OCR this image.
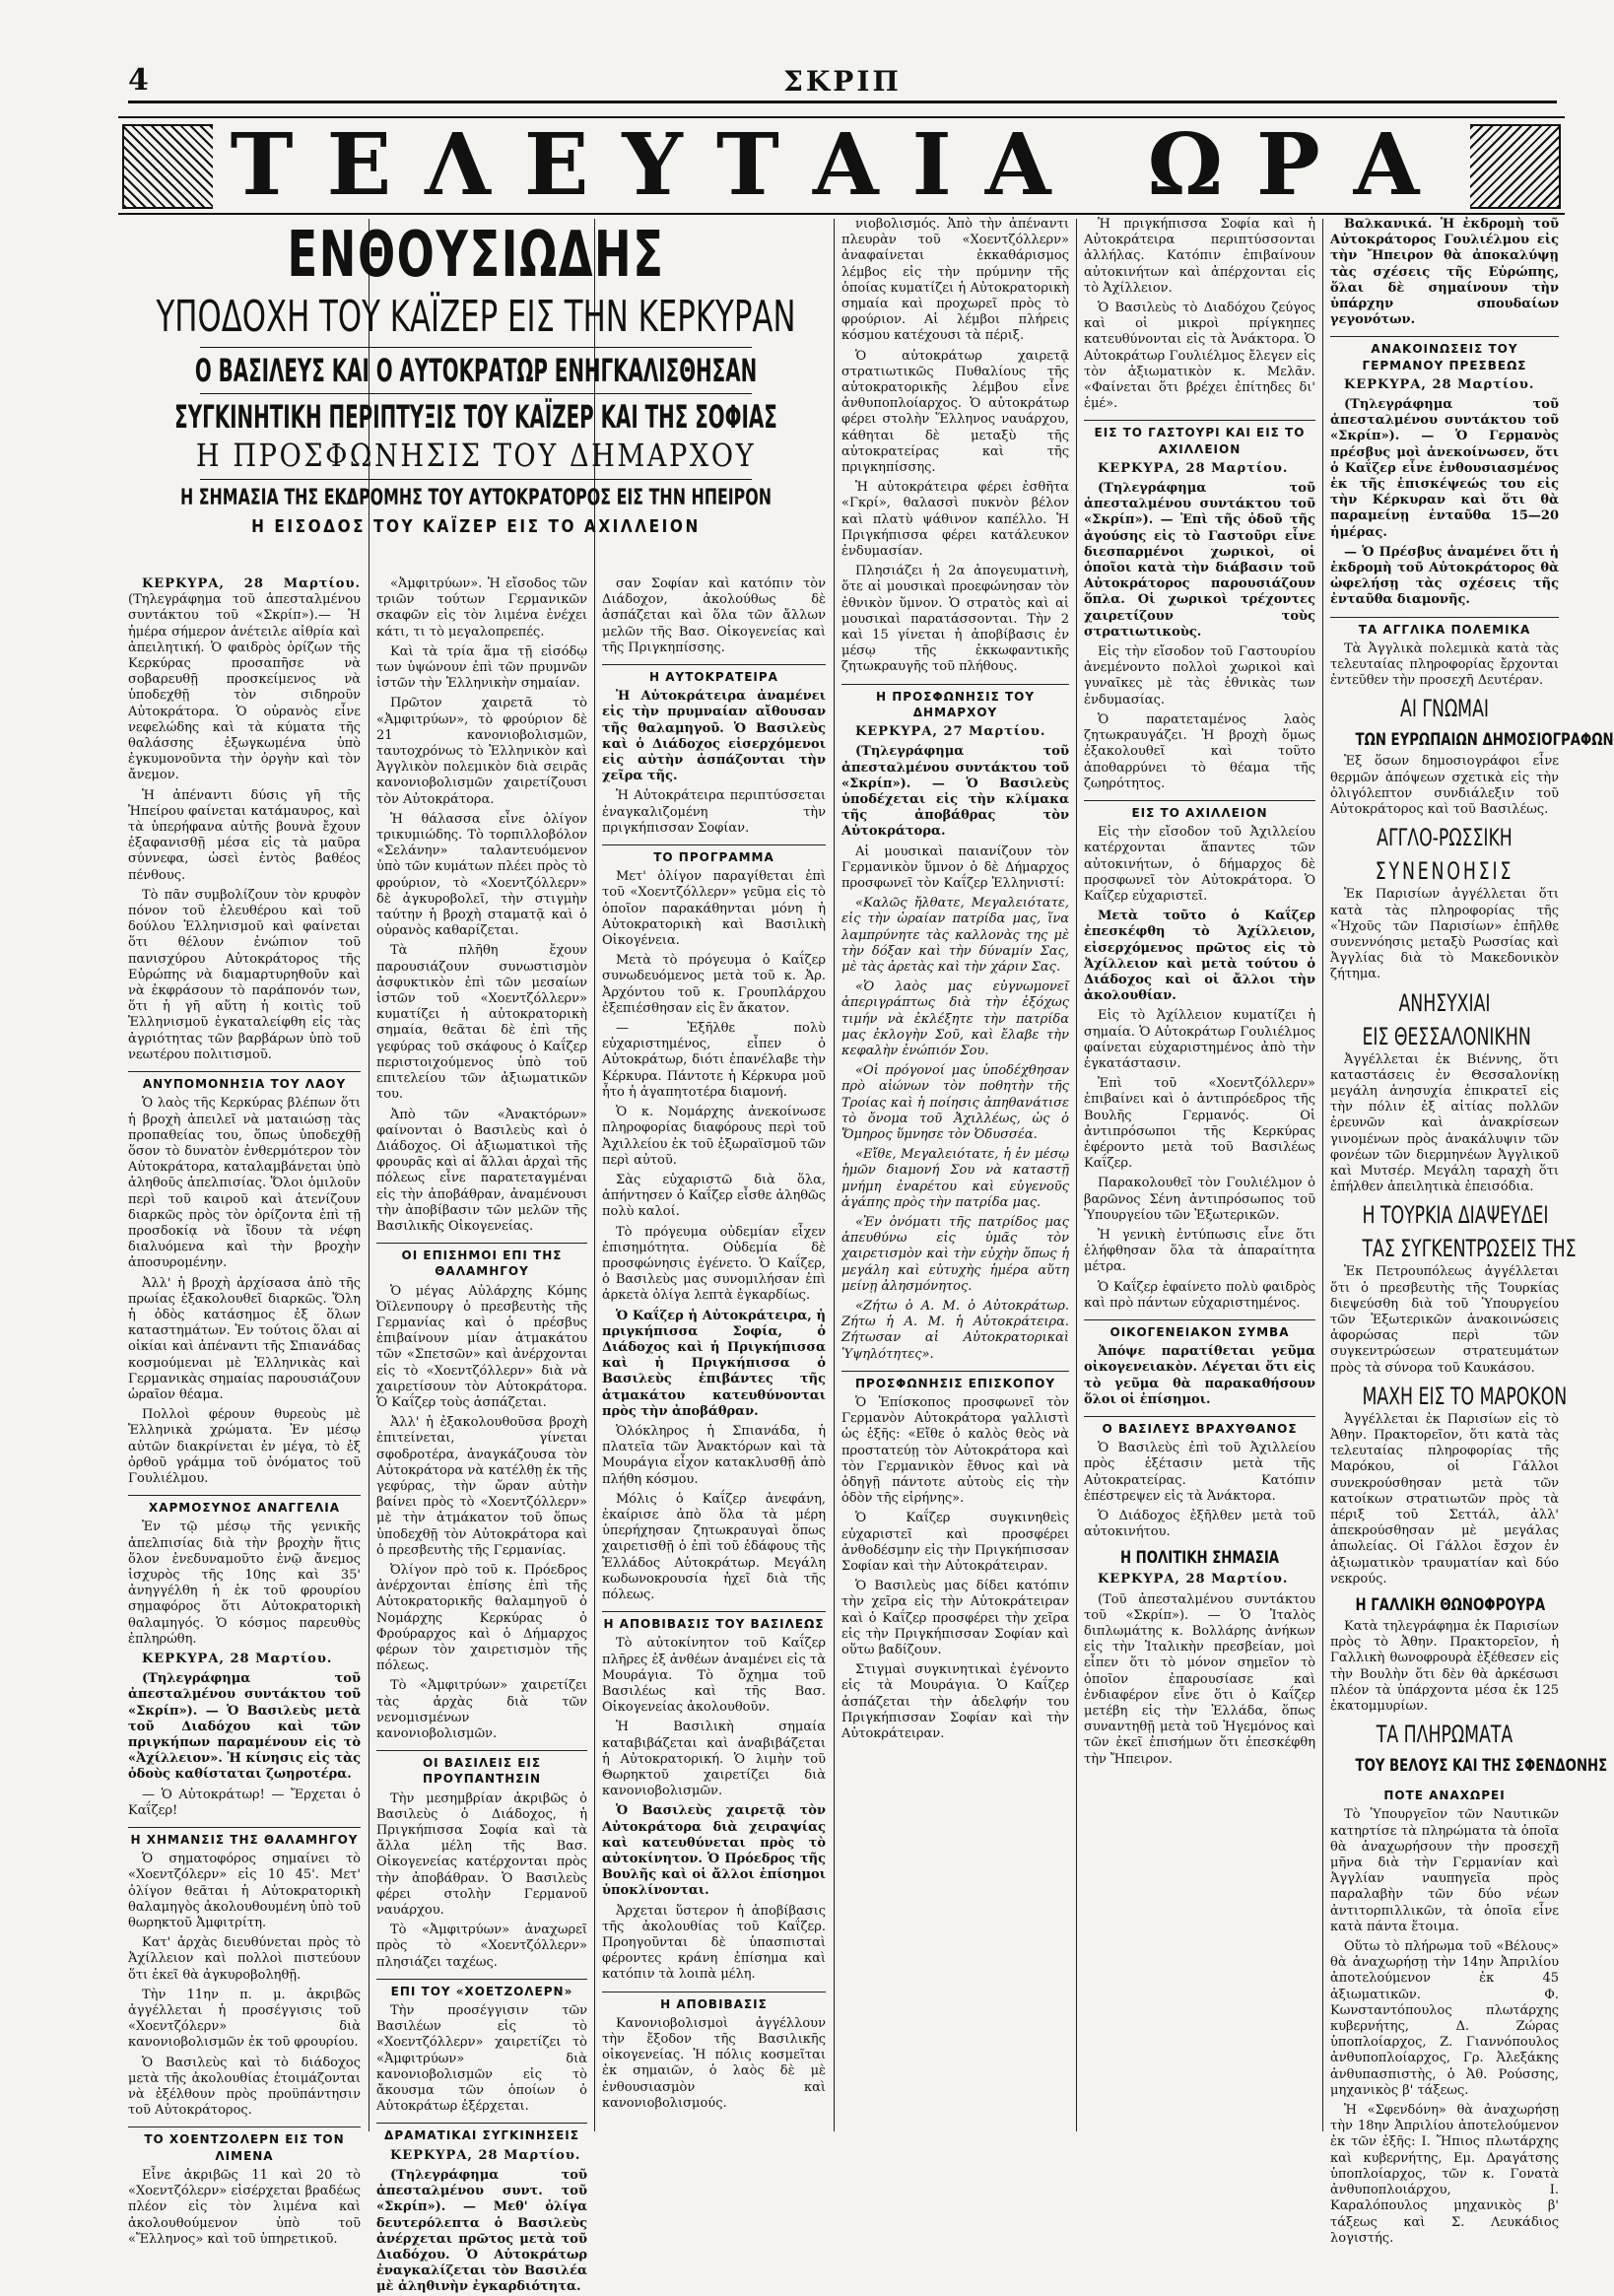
4	ΣΚΡΙΠ
ΤΕΛΕΥΤΑΙΑ ΩΡΑ
ΕΝΘΟΥΣΙΩΔΗΣ
ΥΠΟΔΟΧΗ ΤΟΥ ΚΑΪΖΕΡ ΕΙΣ ΤΗΝ ΚΕΡΚΥΡΑΝ
Ο ΒΑΣΙΛΕΥΣ ΚΑΙ Ο ΑΥΤΟΚΡΑΤΩΡ ΕΝΗΓΚΑΛΙΣΘΗΣΑΝ
ΣΥΓΚΙΝΗΤΙΚΗ ΠΕΡΙΠΤΥΞΙΣ ΤΟΥ ΚΑΪΖΕΡ ΚΑΙ ΤΗΣ ΣΟΦΙΑΣ
Η ΠΡΟΣΦΩΝΗΣΙΣ ΤΟΥ ΔΗΜΑΡΧΟΥ
Η ΣΗΜΑΣΙΑ ΤΗΣ ΕΚΔΡΟΜΗΣ ΤΟΥ ΑΥΤΟΚΡΑΤΟΡΟΣ ΕΙΣ ΤΗΝ ΗΠΕΙΡΟΝ
Η ΕΙΣΟΔΟΣ ΤΟΥ ΚΑΪΖΕΡ ΕΙΣ ΤΟ ΑΧΙΛΛΕΙΟΝ

ΚΕΡΚΥΡΑ, 28 Μαρτίου. (Τηλεγράφημα τοῦ ἀπεσταλμένου συντάκτου τοῦ «Σκρίπ»).— Ἡ ἡμέρα σήμερον ἀνέτειλε αἰθρία καὶ ἀπειλητική. Ὁ φαιδρὸς ὁρίζων τῆς Κερκύρας προσαπῆσε νὰ σοβαρευθῇ προσκείμενος νὰ ὑποδεχθῇ τὸν σιδηροῦν Αὐτοκράτορα. Ὁ οὐρανὸς εἶνε νεφελώδης καὶ τὰ κύματα τῆς θαλάσσης ἐξωγκωμένα ὑπὸ ἐγκυμονοῦντα τὴν ὀργὴν καὶ τὸν ἄνεμον.

Ἡ ἀπέναντι δύσις γῆ τῆς Ἠπείρου φαίνεται κατάμαυρος, καὶ τὰ ὑπερήφανα αὐτῆς βουνὰ ἔχουν ἐξαφανισθῇ μέσα εἰς τὰ μαῦρα σύννεφα, ὡσεὶ ἐντὸς βαθέος πένθους.

Τὸ πᾶν συμβολίζουν τὸν κρυφὸν πόνον τοῦ ἐλευθέρου καὶ τοῦ δούλου Ἑλληνισμοῦ καὶ φαίνεται ὅτι θέλουν ἐνώπιον τοῦ πανισχύρου Αὐτοκράτορος τῆς Εὐρώπης νὰ διαμαρτυρηθοῦν καὶ νὰ ἐκφράσουν τὸ παράπονόν των, ὅτι ἡ γῆ αὕτη ἡ κοιτὶς τοῦ Ἑλληνισμοῦ ἐγκαταλείφθη εἰς τὰς ἀγριότητας τῶν βαρβάρων ὑπὸ τοῦ νεωτέρου πολιτισμοῦ.

ΑΝΥΠΟΜΟΝΗΣΙΑ ΤΟΥ ΛΑΟΥ

Ὁ λαὸς τῆς Κερκύρας βλέπων ὅτι ἡ βροχὴ ἀπειλεῖ νὰ ματαιώσῃ τὰς προπαθείας του, ὅπως ὑποδεχθῇ ὅσον τὸ δυνατὸν ἐνθερμότερον τὸν Αὐτοκράτορα, καταλαμβάνεται ὑπὸ ἀληθοῦς ἀπελπισίας. Ὅλοι ὁμιλοῦν περὶ τοῦ καιροῦ καὶ ἀτενίζουν διαρκῶς πρὸς τὸν ὁρίζοντα ἐπὶ τῇ προσδοκίᾳ νὰ ἴδουν τὰ νέφη διαλυόμενα καὶ τὴν βροχὴν ἀποσυρομένην.

Ἀλλ' ἡ βροχὴ ἀρχίσασα ἀπὸ τῆς πρωίας ἐξακολουθεῖ διαρκῶς. Ὅλη ἡ ὁδὸς κατάσημος ἐξ ὅλων καταστημάτων. Ἐν τούτοις ὅλαι αἱ οἰκίαι καὶ ἀπέναντι τῆς Σπιανάδας κοσμούμεναι μὲ Ἑλληνικὰς καὶ Γερμανικὰς σημαίας παρουσιάζουν ὡραῖον θέαμα.

Πολλοὶ φέρουν θυρεοὺς μὲ Ἑλληνικὰ χρώματα. Ἐν μέσῳ αὐτῶν διακρίνεται ἐν μέγα, τὸ ἐξ ὀρθοῦ γράμμα τοῦ ὀνόματος τοῦ Γουλιέλμου.

ΧΑΡΜΟΣΥΝΟΣ ΑΝΑΓΓΕΛΙΑ

Ἐν τῷ μέσῳ τῆς γενικῆς ἀπελπισίας διὰ τὴν βροχὴν ἥτις ὅλον ἐνεδυναμοῦτο ἐνῷ ἄνεμος ἰσχυρὸς τῆς 10ης καὶ 35' ἀνηγγέλθη ἡ ἐκ τοῦ φρουρίου σημαφόρος ὅτι Αὐτοκρατορικὴ θαλαμηγός. Ὁ κόσμος παρευθὺς ἐπληρώθη.

ΚΕΡΚΥΡΑ, 28 Μαρτίου.

(Τηλεγράφημα τοῦ ἀπεσταλμένου συντάκτου τοῦ «Σκρίπ»). — Ὁ Βασιλεὺς μετὰ τοῦ Διαδόχου καὶ τῶν πριγκήπων παραμένουν εἰς τὸ «Ἀχίλλειον». Ἡ κίνησις εἰς τὰς ὁδοὺς καθίσταται ζωηροτέρα.

— Ὁ Αὐτοκράτωρ! — Ἔρχεται ὁ Καΐζερ!

Η ΧΗΜΑΝΣΙΣ ΤΗΣ ΘΑΛΑΜΗΓΟΥ

Ὁ σηματοφόρος σημαίνει τὸ «Χοεντζόλερν» εἰς 10 45'. Μετ' ὀλίγον θεᾶται ἡ Αὐτοκρατορικὴ θαλαμηγὸς ἀκολουθουμένη ὑπὸ τοῦ θωρηκτοῦ Ἀμφιτρίτη.

Κατ' ἀρχὰς διευθύνεται πρὸς τὸ Ἀχίλλειον καὶ πολλοὶ πιστεύουν ὅτι ἐκεῖ θὰ ἀγκυροβοληθῇ.

Τὴν 11ην π. μ. ἀκριβῶς ἀγγέλλεται ἡ προσέγγισις τοῦ «Χοεντζόλερν» διὰ κανονιοβολισμῶν ἐκ τοῦ φρουρίου.

Ὁ Βασιλεὺς καὶ τὸ διάδοχος μετὰ τῆς ἀκολουθίας ἐτοιμάζονται νὰ ἐξέλθουν πρὸς προϋπάντησιν τοῦ Αὐτοκράτορος.

ΤΟ ΧΟΕΝΤΖΟΛΕΡΝ ΕΙΣ ΤΟΝ ΛΙΜΕΝΑ

Εἶνε ἀκριβῶς 11 καὶ 20 τὸ «Χοεντζόλερν» εἰσέρχεται βραδέως πλέον εἰς τὸν λιμένα καὶ ἀκολουθούμενον ὑπὸ τοῦ «Ἔλληνος» καὶ τοῦ ὑπηρετικοῦ.

«Ἀμφιτρύων». Ἡ εἴσοδος τῶν τριῶν τούτων Γερμανικῶν σκαφῶν εἰς τὸν λιμένα ἐνέχει κάτι, τι τὸ μεγαλοπρεπές.

Καὶ τὰ τρία ἅμα τῇ εἰσόδῳ των ὑψώνουν ἐπὶ τῶν πρυμνῶν ἱστῶν τὴν Ἑλληνικὴν σημαίαν.

Πρῶτον χαιρετᾶ τὸ «Ἀμφιτρύων», τὸ φρούριον δὲ 21 κανονιοβολισμῶν, ταυτοχρόνως τὸ Ἑλληνικὸν καὶ Ἀγγλικὸν πολεμικὸν διὰ σειρᾶς κανονιοβολισμῶν χαιρετίζουσι τὸν Αὐτοκράτορα.

Ἡ θάλασσα εἶνε ὁλίγον τρικυμιώδης. Τὸ τορπιλλοβόλον «Σελάνην» ταλαντευόμενον ὑπὸ τῶν κυμάτων πλέει πρὸς τὸ φρούριον, τὸ «Χοεντζόλλερν» δὲ ἀγκυροβολεῖ, τὴν στιγμὴν ταύτην ἡ βροχὴ σταματᾷ καὶ ὁ οὐρανὸς καθαρίζεται.

Τὰ πλῆθη ἔχουν παρουσιάζουν συνωστισμὸν ἀσφυκτικὸν ἐπὶ τῶν μεσαίων ἱστῶν τοῦ «Χοεντζόλλερν» κυματίζει ἡ αὐτοκρατορικὴ σημαία, θεᾶται δὲ ἐπὶ τῆς γεφύρας τοῦ σκάφους ὁ Καΐζερ περιστοιχούμενος ὑπὸ τοῦ επιτελείου τῶν ἀξιωματικῶν του.

Ἀπὸ τῶν «Ἀνακτόρων» φαίνονται ὁ Βασιλεὺς καὶ ὁ Διάδοχος. Οἱ ἀξιωματικοὶ τῆς φρουρᾶς καὶ αἱ ἄλλαι ἀρχαὶ τῆς πόλεως εἶνε παρατεταγμέναι εἰς τὴν ἀποβάθραν, ἀναμένουσι τὴν ἀποβίβασιν τῶν μελῶν τῆς Βασιλικῆς Οἰκογενείας.

ΟΙ ΕΠΙΣΗΜΟΙ ΕΠΙ ΤΗΣ ΘΑΛΑΜΗΓΟΥ

Ὁ μέγας Αὐλάρχης Κόμης Ὀϊλενπουργ ὁ πρεσβευτὴς τῆς Γερμανίας καὶ ὁ πρέσβυς ἐπιβαίνουν μίαν ἀτμακάτου τῶν «Σπετσῶν» καὶ ἀνέρχονται εἰς τὸ «Χοεντζόλλερν» διὰ νὰ χαιρετίσουν τὸν Αὐτοκράτορα. Ὁ Καΐζερ τοὺς ἀσπάζεται.

Ἀλλ' ἡ ἐξακολουθοῦσα βροχὴ ἐπιτείνεται, γίνεται σφοδροτέρα, ἀναγκάζουσα τὸν Αὐτοκράτορα νὰ κατέλθῃ ἐκ τῆς γεφύρας, τὴν ὥραν αὐτὴν βαίνει πρὸς τὸ «Χοεντζόλλερν» μὲ τὴν ἀτμάκατον τοῦ ὅπως ὑποδεχθῇ τὸν Αὐτοκράτορα καὶ ὁ πρεσβευτὴς τῆς Γερμανίας.

Ὀλίγον πρὸ τοῦ κ. Πρόεδρος ἀνέρχονται ἐπίσης ἐπὶ τῆς Αὐτοκρατορικῆς θαλαμηγοῦ ὁ Νομάρχης Κερκύρας ὁ Φρούραρχος καὶ ὁ Δήμαρχος φέρων τὸν χαιρετισμὸν τῆς πόλεως.

Τὸ «Ἀμφιτρύων» χαιρετίζει τὰς ἀρχὰς διὰ τῶν νενομισμένων κανονιοβολισμῶν.

ΟΙ ΒΑΣΙΛΕΙΣ ΕΙΣ ΠΡΟΥΠΑΝΤΗΣΙΝ

Τὴν μεσημβρίαν ἀκριβῶς ὁ Βασιλεὺς ὁ Διάδοχος, ἡ Πριγκήπισσα Σοφία καὶ τὰ ἄλλα μέλη τῆς Βασ. Οἰκογενείας κατέρχονται πρὸς τὴν ἀποβάθραν. Ὁ Βασιλεὺς φέρει στολὴν Γερμανοῦ ναυάρχου.

Τὸ «Ἀμφιτρύων» ἀναχωρεῖ πρὸς τὸ «Χοεντζόλλερν» πλησιάζει ταχέως.

ΕΠΙ ΤΟΥ «ΧΟΕΤΖΟΛΕΡΝ»

Τὴν προσέγγισιν τῶν Βασιλέων εἰς τὸ «Χοεντζόλλερν» χαιρετίζει τὸ «Ἀμφιτρύων» διὰ κανονιοβολισμῶν εἰς τὸ ἄκουσμα τῶν ὁποίων ὁ Αὐτοκράτωρ ἐξέρχεται.

ΔΡΑΜΑΤΙΚΑΙ ΣΥΓΚΙΝΗΣΕΙΣ

ΚΕΡΚΥΡΑ, 28 Μαρτίου.

(Τηλεγράφημα τοῦ ἀπεσταλμένου συντ. τοῦ «Σκρίπ»). — Μεθ' ὀλίγα δευτερόλεπτα ὁ Βασιλεὺς ἀνέρχεται πρῶτος μετὰ τοῦ Διαδόχου. Ὁ Αὐτοκράτωρ ἐναγκαλίζεται τὸν Βασιλέα μὲ ἀληθινὴν ἐγκαρδιότητα.

σαν Σοφίαν καὶ κατόπιν τὸν Διάδοχον, ἀκολούθως δὲ ἀσπάζεται καὶ ὅλα τῶν ἄλλων μελῶν τῆς Βασ. Οἰκογενείας καὶ τῆς Πριγκηπίσσης.

Η ΑΥΤΟΚΡΑΤΕΙΡΑ

Ἡ Αὐτοκράτειρα ἀναμένει εἰς τὴν πρυμναίαν αἴθουσαν τῆς θαλαμηγοῦ. Ὁ Βασιλεὺς καὶ ὁ Διάδοχος εἰσερχόμενοι εἰς αὐτὴν ἀσπάζονται τὴν χεῖρα τῆς.

Ἡ Αὐτοκράτειρα περιπτύσσεται ἐναγκαλιζομένη τὴν πριγκήπισσαν Σοφίαν.

ΤΟ ΠΡΟΓΡΑΜΜΑ

Μετ' ὀλίγον παραγίθεται ἐπὶ τοῦ «Χοεντζόλλερν» γεῦμα εἰς τὸ ὁποῖον παρακάθηνται μόνη ἡ Αὐτοκρατορικὴ καὶ Βασιλικὴ Οἰκογένεια.

Μετὰ τὸ πρόγευμα ὁ Καΐζερ συνωδευόμενος μετὰ τοῦ κ. Ἀρ. Ἀρχόντου τοῦ κ. Γρουπλάρχου ἐξεπιέσθησαν εἰς ἓν ἄκατον.

— Ἐξῆλθε πολὺ εὐχαριστημένος, εἶπεν ὁ Αὐτοκράτωρ, διότι ἐπανέλαβε τὴν Κέρκυρα. Πάντοτε ἡ Κέρκυρα μοῦ ἦτο ἡ ἀγαπητοτέρα διαμονή.

Ὁ κ. Νομάρχης ἀνεκοίνωσε πληροφορίας διαφόρους περὶ τοῦ Ἀχιλλείου ἐκ τοῦ ἐξωραϊσμοῦ τῶν περὶ αὐτοῦ.

Σὰς εὐχαριστῶ διὰ ὅλα, ἀπήντησεν ὁ Καΐζερ εἶσθε ἀληθῶς πολὺ καλοί.

Τὸ πρόγευμα οὐδεμίαν εἶχεν ἐπισημότητα. Οὐδεμία δὲ προσφώνησις ἐγένετο. Ὁ Καΐζερ, ὁ Βασιλεὺς μας συνομιλήσαν ἐπὶ ἀρκετὰ ὀλίγα λεπτὰ ἐγκαρδίως.

Ὁ Καΐζερ ἡ Αὐτοκράτειρα, ἡ πριγκήπισσα Σοφία, ὁ Διάδοχος καὶ ἡ Πριγκήπισσα καὶ ἡ Πριγκήπισσα ὁ Βασιλεὺς ἐπιβάντες τῆς ἀτμακάτου κατευθύνονται πρὸς τὴν ἀποβάθραν.

Ὁλόκληρος ἡ Σπιανάδα, ἡ πλατεῖα τῶν Ἀνακτόρων καὶ τὰ Μουράγια εἶχον κατακλυσθῇ ἀπὸ πλήθη κόσμου.

Μόλις ὁ Καΐζερ ἀνεφάνη, ἐκαίρισε ἀπὸ ὅλα τὰ μέρη ὑπερήχησαν ζητωκραυγαὶ ὅπως χαιρετισθῇ ὁ ἐπὶ τοῦ ἐδάφους τῆς Ἑλλάδος Αὐτοκράτωρ. Μεγάλη κωδωνοκρουσία ἠχεῖ διὰ τῆς πόλεως.

Η ΑΠΟΒΙΒΑΣΙΣ ΤΟΥ ΒΑΣΙΛΕΩΣ

Τὸ αὐτοκίνητον τοῦ Καΐζερ πλῆρες ἐξ ἀνθέων ἀναμένει εἰς τὰ Μουράγια. Τὸ ὄχημα τοῦ Βασιλέως καὶ τῆς Βασ. Οἰκογενείας ἀκολουθοῦν.

Ἡ Βασιλικὴ σημαία καταβιβάζεται καὶ ἀναβιβάζεται ἡ Αὐτοκρατορική. Ὁ λιμὴν τοῦ Θωρηκτοῦ χαιρετίζει διὰ κανονιοβολισμῶν.

Ὁ Βασιλεὺς χαιρετᾷ τὸν Αὐτοκράτορα διὰ χειραψίας καὶ κατευθύνεται πρὸς τὸ αὐτοκίνητον. Ὁ Πρόεδρος τῆς Βουλῆς καὶ οἱ ἄλλοι ἐπίσημοι ὑποκλίνονται.

Ἀρχεται ὕστερον ἡ ἀποβίβασις τῆς ἀκολουθίας τοῦ Καΐζερ. Προηγοῦνται δὲ ὑπασπισταὶ φέροντες κράνη ἐπίσημα καὶ κατόπιν τὰ λοιπὰ μέλη.

Η ΑΠΟΒΙΒΑΣΙΣ

Κανονιοβολισμοὶ ἀγγέλλουν τὴν ἔξοδον τῆς Βασιλικῆς οἰκογενείας. Ἡ πόλις κοσμεῖται ἐκ σημαιῶν, ὁ λαὸς δὲ μὲ ἐνθουσιασμὸν καὶ κανονιοβολισμούς.

νιοβολισμός. Ἀπὸ τὴν ἀπέναντι πλευρὰν τοῦ «Χοεντζόλλερν» ἀναφαίνεται ἐκκαθάρισμος λέμβος εἰς τὴν πρύμνην τῆς ὁποίας κυματίζει ἡ Αὐτοκρατορικὴ σημαία καὶ προχωρεῖ πρὸς τὸ φρούριον. Αἱ λέμβοι πλήρεις κόσμου κατέχουσι τὰ πέριξ.

Ὁ αὐτοκράτωρ χαιρετᾷ στρατιωτικῶς Πυθαλίους τῆς αὐτοκρατορικῆς λέμβου εἶνε ἀνθυποπλοίαρχος. Ὁ αὐτοκράτωρ φέρει στολὴν Ἕλληνος ναυάρχου, κάθηται δὲ μεταξὺ τῆς αὐτοκρατείρας καὶ τῆς πριγκηπίσσης.

Ἡ αὐτοκράτειρα φέρει ἐσθῆτα «Γκρί», θαλασσὶ πυκνὸν βέλον καὶ πλατὺ ψάθινον καπέλλο. Ἡ Πριγκήπισσα φέρει κατάλευκον ἐνδυμασίαν.

Πλησιάζει ἡ 2α ἀπογευματινὴ, ὅτε αἱ μουσικαὶ προεφώνησαν τὸν ἐθνικὸν ὕμνον. Ὁ στρατὸς καὶ αἱ μουσικαὶ παρατάσσονται. Τὴν 2 καὶ 15 γίνεται ἡ ἀποβίβασις ἐν μέσῳ τῆς ἐκκωφαντικῆς ζητωκραυγῆς τοῦ πλήθους.

Η ΠΡΟΣΦΩΝΗΣΙΣ ΤΟΥ ΔΗΜΑΡΧΟΥ

ΚΕΡΚΥΡΑ, 27 Μαρτίου.

(Τηλεγράφημα τοῦ ἀπεσταλμένου συντάκτου τοῦ «Σκρίπ»). — Ὁ Βασιλεὺς ὑποδέχεται εἰς τὴν κλίμακα τῆς ἀποβάθρας τὸν Αὐτοκράτορα.

Αἱ μουσικαὶ παιανίζουν τὸν Γερμανικὸν ὕμνον ὁ δὲ Δήμαρχος προσφωνεῖ τὸν Καΐζερ Ἑλληνιστί:

«Καλῶς ἤλθατε, Μεγαλειότατε, εἰς τὴν ὡραίαν πατρίδα μας, ἵνα λαμπρύνητε τὰς καλλονὰς της μὲ τὴν δόξαν καὶ τὴν δύναμίν Σας, μὲ τὰς ἀρετὰς καὶ τὴν χάριν Σας.

«Ὁ λαὸς μας εὐγνωμονεῖ ἀπεριγράπτως διὰ τὴν ἐξόχως τιμήν νὰ ἐκλέξητε τὴν πατρίδα μας ἐκλογὴν Σοῦ, καὶ ἔλαβε τὴν κεφαλὴν ἐνώπιόν Σου.

«Οἱ πρόγονοί μας ὑποδέχθησαν πρὸ αἰώνων τὸν ποθητὴν τῆς Τροίας καὶ ἡ ποίησις ἀπηθανάτισε τὸ ὄνομα τοῦ Ἀχιλλέως, ὡς ὁ Ὅμηρος ὕμνησε τὸν Ὀδυσσέα.

«Εἴθε, Μεγαλειότατε, ἡ ἐν μέσῳ ἡμῶν διαμονή Σου νὰ καταστῇ μνήμη ἐναρέτου καὶ εὐγενοῦς ἀγάπης πρὸς τὴν πατρίδα μας.

«Ἐν ὀνόματι τῆς πατρίδος μας ἀπευθύνω εἰς ὑμᾶς τὸν χαιρετισμὸν καὶ τὴν εὐχὴν ὅπως ἡ μεγάλη καὶ εὐτυχὴς ἡμέρα αὕτη μείνῃ ἀλησμόνητος.

«Ζήτω ὁ Α. Μ. ὁ Αὐτοκράτωρ. Ζήτω ἡ Α. Μ. ἡ Αὐτοκράτειρα. Ζήτωσαν αἱ Αὐτοκρατορικαὶ Ὑψηλότητες».

ΠΡΟΣΦΩΝΗΣΙΣ ΕΠΙΣΚΟΠΟΥ

Ὁ Ἐπίσκοπος προσφωνεῖ τὸν Γερμανὸν Αὐτοκράτορα γαλλιστὶ ὡς ἑξῆς: «Εἴθε ὁ καλὸς θεὸς νὰ προστατεύῃ τὸν Αὐτοκράτορα καὶ τὸν Γερμανικὸν ἔθνος καὶ νὰ ὁδηγῇ πάντοτε αὐτοὺς εἰς τὴν ὁδὸν τῆς εἰρήνης».

Ὁ Καΐζερ συγκινηθεὶς εὐχαριστεῖ καὶ προσφέρει ἀνθοδέσμην εἰς τὴν Πριγκήπισσαν Σοφίαν καὶ τὴν Αὐτοκράτειραν.

Ὁ Βασιλεὺς μας δίδει κατόπιν τὴν χεῖρα εἰς τὴν Αὐτοκράτειραν καὶ ὁ Καΐζερ προσφέρει τὴν χεῖρα εἰς τὴν Πριγκήπισσαν Σοφίαν καὶ οὕτω βαδίζουν.

Στιγμαὶ συγκινητικαὶ ἐγένοντο εἰς τὰ Μουράγια. Ὁ Καΐζερ ἀσπάζεται τὴν ἀδελφήν του Πριγκήπισσαν Σοφίαν καὶ τὴν Αὐτοκράτειραν.

Ἡ πριγκήπισσα Σοφία καὶ ἡ Αὐτοκράτειρα περιπτύσσονται ἀλλήλας. Κατόπιν ἐπιβαίνουν αὐτοκινήτων καὶ ἀπέρχονται εἰς τὸ Ἀχίλλειον.

Ὁ Βασιλεὺς τὸ Διαδόχου ζεύγος καὶ οἱ μικροὶ πρίγκηπες κατευθύνονται εἰς τὰ Ἀνάκτορα. Ὁ Αὐτοκράτωρ Γουλιέλμος ἔλεγεν εἰς τὸν ἀξιωματικὸν κ. Μελᾶν. «Φαίνεται ὅτι βρέχει ἐπίτηδες δι' ἐμέ».

ΕΙΣ ΤΟ ΓΑΣΤΟΥΡΙ ΚΑΙ ΕΙΣ ΤΟ ΑΧΙΛΛΕΙΟΝ

ΚΕΡΚΥΡΑ, 28 Μαρτίου.

(Τηλεγράφημα τοῦ ἀπεσταλμένου συντάκτου τοῦ «Σκρίπ»). — Ἐπὶ τῆς ὁδοῦ τῆς ἀγούσης εἰς τὸ Γαστοῦρι εἶνε διεσπαρμένοι χωρικοὶ, οἱ ὁποῖοι κατὰ τὴν διάβασιν τοῦ Αὐτοκράτορος παρουσιάζουν ὅπλα. Οἱ χωρικοὶ τρέχοντες χαιρετίζουν τοὺς στρατιωτικοὺς.

Εἰς τὴν εἴσοδον τοῦ Γαστουρίου ἀνεμένοντο πολλοὶ χωρικοὶ καὶ γυναῖκες μὲ τὰς ἐθνικὰς των ἐνδυμασίας.

Ὁ παρατεταμένος λαὸς ζητωκραυγάζει. Ἡ βροχὴ ὅμως ἐξακολουθεῖ καὶ τοῦτο ἀποθαρρύνει τὸ θέαμα τῆς ζωηρότητος.

ΕΙΣ ΤΟ ΑΧΙΛΛΕΙΟΝ

Εἰς τὴν εἴσοδον τοῦ Ἀχιλλείου κατέρχονται ἅπαντες τῶν αὐτοκινήτων, ὁ δήμαρχος δὲ προσφωνεῖ τὸν Αὐτοκράτορα. Ὁ Καΐζερ εὐχαριστεῖ.

Μετὰ τοῦτο ὁ Καΐζερ ἐπεσκέφθη τὸ Ἀχίλλειον, εἰσερχόμενος πρῶτος εἰς τὸ Ἀχίλλειον καὶ μετὰ τούτου ὁ Διάδοχος καὶ οἱ ἄλλοι τὴν ἀκολουθίαν.

Εἰς τὸ Ἀχίλλειον κυματίζει ἡ σημαία. Ὁ Αὐτοκράτωρ Γουλιέλμος φαίνεται εὐχαριστημένος ἀπὸ τὴν ἐγκατάστασιν.

Ἐπὶ τοῦ «Χοεντζόλλερν» ἐπιβαίνει καὶ ὁ ἀντιπρόεδρος τῆς Βουλῆς Γερμανός. Οἱ ἀντιπρόσωποι τῆς Κερκύρας ἐφέροντο μετὰ τοῦ Βασιλέως Καΐζερ.

Παρακολουθεῖ τὸν Γουλιέλμον ὁ βαρῶνος Σένη ἀντιπρόσωπος τοῦ Ὑπουργείου τῶν Ἐξωτερικῶν.

Ἡ γενικὴ ἐντύπωσις εἶνε ὅτι ἐλήφθησαν ὅλα τὰ ἀπαραίτητα μέτρα.

Ὁ Καΐζερ ἐφαίνετο πολὺ φαιδρὸς καὶ πρὸ πάντων εὐχαριστημένος.

ΟΙΚΟΓΕΝΕΙΑΚΟΝ ΣΥΜΒΑ

Ἀπόψε παρατίθεται γεῦμα οἰκογενειακὸν. Λέγεται ὅτι εἰς τὸ γεῦμα θὰ παρακαθήσουν ὅλοι οἱ ἐπίσημοι.

Ο ΒΑΣΙΛΕΥΣ ΒΡΑΧΥΘΑΝΟΣ

Ὁ Βασιλεὺς ἐπὶ τοῦ Ἀχιλλείου πρὸς ἐξέτασιν μετὰ τῆς Αὐτοκρατείρας. Κατόπιν ἐπέστρεψεν εἰς τὰ Ἀνάκτορα.

Ὁ Διάδοχος ἐξῆλθεν μετὰ τοῦ αὐτοκινήτου.

Η ΠΟΛΙΤΙΚΗ ΣΗΜΑΣΙΑ

ΚΕΡΚΥΡΑ, 28 Μαρτίου.

(Τοῦ ἀπεσταλμένου συντάκτου τοῦ «Σκρίπ»). — Ὁ Ἰταλὸς διπλωμάτης κ. Βολλάρης ἀνήκων εἰς τὴν Ἰταλικὴν πρεσβείαν, μοὶ εἶπεν ὅτι τὸ μόνον σημεῖον τὸ ὁποῖον ἐπαρουσίασε καὶ ἐνδιαφέρον εἶνε ὅτι ὁ Καΐζερ μετέβη εἰς τὴν Ἑλλάδα, ὅπως συναντηθῇ μετὰ τοῦ Ἡγεμόνος καὶ τῶν ἐκεῖ ἐπισήμων ὅτι ἐπεσκέφθη τὴν Ἤπειρον.

Βαλκανικά. Ἡ ἐκδρομὴ τοῦ Αὐτοκράτορος Γουλιέλμου εἰς τὴν Ἤπειρον θὰ ἀποκαλύψῃ τὰς σχέσεις τῆς Εὐρώπης, ὅλαι δὲ σημαίνουν τὴν ὑπάρχην σπουδαίων γεγονότων.

ΑΝΑΚΟΙΝΩΣΕΙΣ ΤΟΥ ΓΕΡΜΑΝΟΥ ΠΡΕΣΒΕΩΣ

ΚΕΡΚΥΡΑ, 28 Μαρτίου.

(Τηλεγράφημα τοῦ ἀπεσταλμένου συντάκτου τοῦ «Σκρίπ»). — Ὁ Γερμανὸς πρέσβυς μοὶ ἀνεκοίνωσεν, ὅτι ὁ Καΐζερ εἶνε ἐνθουσιασμένος ἐκ τῆς ἐπισκέψεώς του εἰς τὴν Κέρκυραν καὶ ὅτι θὰ παραμείνῃ ἐνταῦθα 15—20 ἡμέρας.

— Ὁ Πρέσβυς ἀναμένει ὅτι ἡ ἐκδρομὴ τοῦ Αὐτοκράτορος θὰ ὠφελήσῃ τὰς σχέσεις τῆς ἐνταῦθα διαμονῆς.

ΤΑ ΑΓΓΛΙΚΑ ΠΟΛΕΜΙΚΑ

Τὰ Ἀγγλικὰ πολεμικὰ κατὰ τὰς τελευταίας πληροφορίας ἔρχονται ἐντεῦθεν τὴν προσεχῆ Δευτέραν.

ΑΙ ΓΝΩΜΑΙ
ΤΩΝ ΕΥΡΩΠΑΙΩΝ ΔΗΜΟΣΙΟΓΡΑΦΩΝ

Ἐξ ὅσων δημοσιογράφοι εἶνε θερμῶν ἀπόψεων σχετικὰ εἰς τὴν ὀλιγόλεπτον συνδιάλεξιν τοῦ Αὐτοκράτορος καὶ τοῦ Βασιλέως.

ΑΓΓΛΟ-ΡΩΣΣΙΚΗ
ΣΥΝΕΝΟΗΣΙΣ

Ἐκ Παρισίων ἀγγέλλεται ὅτι κατὰ τὰς πληροφορίας τῆς «Ἠχοῦς τῶν Παρισίων» ἐπῆλθε συνεννόησις μεταξὺ Ρωσσίας καὶ Ἀγγλίας διὰ τὸ Μακεδονικὸν ζήτημα.

ΑΝΗΣΥΧΙΑΙ
ΕΙΣ ΘΕΣΣΑΛΟΝΙΚΗΝ

Ἀγγέλλεται ἐκ Βιέννης, ὅτι καταστάσεις ἐν Θεσσαλονίκῃ μεγάλη ἀνησυχία ἐπικρατεῖ εἰς τὴν πόλιν ἐξ αἰτίας πολλῶν ἐρευνῶν καὶ ἀνακρίσεων γινομένων πρὸς ἀνακάλυψιν τῶν φονέων τῶν διερμηνέων Ἀγγλικοῦ καὶ Μυτσέρ. Μεγάλη ταραχὴ ὅτι ἐπήλθεν ἀπειλητικὰ ἐπεισόδια.

Η ΤΟΥΡΚΙΑ ΔΙΑΨΕΥΔΕΙ
ΤΑΣ ΣΥΓΚΕΝΤΡΩΣΕΙΣ ΤΗΣ

Ἐκ Πετρουπόλεως ἀγγέλλεται ὅτι ὁ πρεσβευτὴς τῆς Τουρκίας διεψεύσθη διὰ τοῦ Ὑπουργείου τῶν Ἐξωτερικῶν ἀνακοινώσεις ἀφορώσας περὶ τῶν συγκεντρώσεων στρατευμάτων πρὸς τὰ σύνορα τοῦ Καυκάσου.

ΜΑΧΗ ΕΙΣ ΤΟ ΜΑΡΟΚΟΝ

Ἀγγέλλεται ἐκ Παρισίων εἰς τὸ Ἀθην. Πρακτορεῖον, ὅτι κατὰ τὰς τελευταίας πληροφορίας τῆς Μαρόκου, οἱ Γάλλοι συνεκρούσθησαν μετὰ τῶν κατοίκων στρατιωτῶν πρὸς τὰ πέριξ τοῦ Σεττάλ, ἀλλ' ἀπεκρούσθησαν μὲ μεγάλας ἀπωλείας. Οἱ Γάλλοι ἔσχον ἐν ἀξιωματικὸν τραυματίαν καὶ δύο νεκρούς.

Η ΓΑΛΛΙΚΗ ΘΩΝΟΦΡΟΥΡΑ

Κατὰ τηλεγράφημα ἐκ Παρισίων πρὸς τὸ Ἀθην. Πρακτορεῖον, ἡ Γαλλικὴ θωνοφρουρὰ ἐξέθεσεν εἰς τὴν Βουλὴν ὅτι δὲν θὰ ἀρκέσωσι πλέον τὰ ὑπάρχοντα μέσα ἐκ 125 ἑκατομμυρίων.

ΤΑ ΠΛΗΡΩΜΑΤΑ
ΤΟΥ ΒΕΛΟΥΣ ΚΑΙ ΤΗΣ ΣΦΕΝΔΟΝΗΣ
ΠΟΤΕ ΑΝΑΧΩΡΕΙ

Τὸ Ὑπουργεῖον τῶν Ναυτικῶν κατηρτίσε τὰ πληρώματα τὰ ὁποῖα θὰ ἀναχωρήσουν τὴν προσεχῆ μῆνα διὰ τὴν Γερμανίαν καὶ Ἀγγλίαν ναυπηγεῖα πρὸς παραλαβὴν τῶν δύο νέων ἀντιτορπιλλικῶν, τὰ ὁποῖα εἶνε κατὰ πάντα ἕτοιμα.

Οὕτω τὸ πλήρωμα τοῦ «Βέλους» θὰ ἀναχωρήσῃ τὴν 14ην Ἀπριλίου ἀποτελούμενον ἐκ 45 ἀξιωματικῶν. Φ. Κωνσταντόπουλος πλωτάρχης κυβερνήτης, Δ. Ζώρας ὑποπλοίαρχος, Ζ. Γιαννόπουλος ἀνθυποπλοίαρχος, Γρ. Ἀλεξάκης ἀνθυπασπιστὴς, ὁ Ἀθ. Ρούσσης, μηχανικὸς β' τάξεως.

Ἡ «Σφενδόνη» θὰ ἀναχωρήσῃ τὴν 18ην Ἀπριλίου ἀποτελούμενον ἐκ τῶν ἑξῆς: Ι. Ἥπιος πλωτάρχης καὶ κυβερνήτης, Εμ. Δραγάτσης ὑποπλοίαρχος, τῶν κ. Γονατὰ ἀνθυποπλοιάρχου, Ι. Καραλόπουλος μηχανικὸς β' τάξεως καὶ Σ. Λευκάδιος λογιστής.
